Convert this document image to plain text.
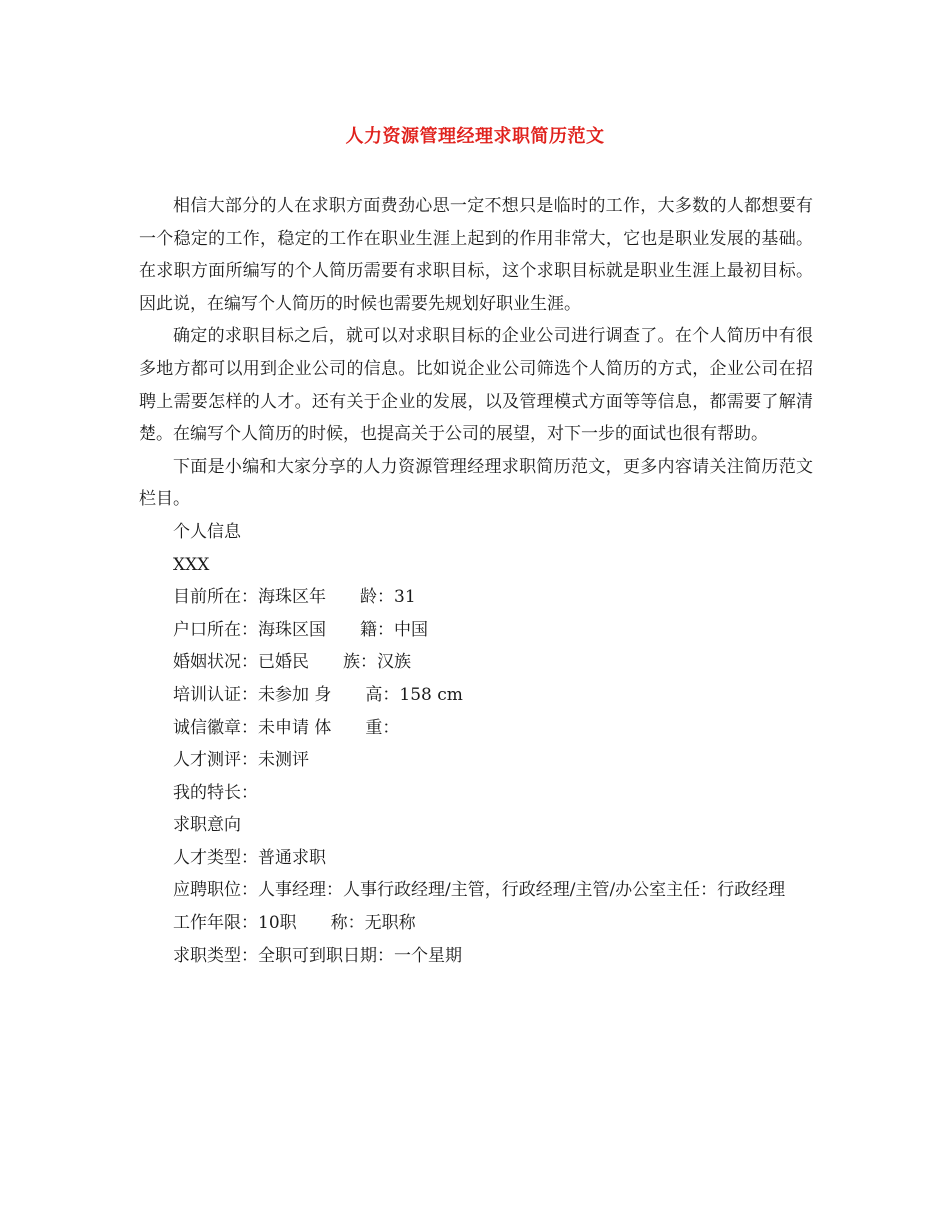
人力资源管理经理求职简历范文

相信大部分的人在求职方面费劲心思一定不想只是临时的工作，大多数的人都想要有一个稳定的工作，稳定的工作在职业生涯上起到的作用非常大，它也是职业发展的基础。在求职方面所编写的个人简历需要有求职目标，这个求职目标就是职业生涯上最初目标。因此说，在编写个人简历的时候也需要先规划好职业生涯。

确定的求职目标之后，就可以对求职目标的企业公司进行调查了。在个人简历中有很多地方都可以用到企业公司的信息。比如说企业公司筛选个人简历的方式，企业公司在招聘上需要怎样的人才。还有关于企业的发展，以及管理模式方面等等信息，都需要了解清楚。在编写个人简历的时候，也提高关于公司的展望，对下一步的面试也很有帮助。

下面是小编和大家分享的人力资源管理经理求职简历范文，更多内容请关注简历范文栏目。

个人信息

XXX

目前所在：海珠区年　　龄：31

户口所在：海珠区国　　籍：中国

婚姻状况：已婚民　　族：汉族

培训认证：未参加 身　　高：158 cm

诚信徽章：未申请 体　　重：

人才测评：未测评

我的特长：

求职意向

人才类型：普通求职

应聘职位：人事经理：人事行政经理/主管，行政经理/主管/办公室主任：行政经理

工作年限：10职　　称：无职称

求职类型：全职可到职日期：一个星期
